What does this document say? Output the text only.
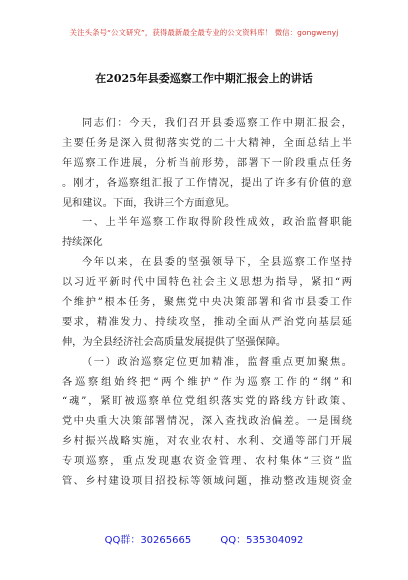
关注头条号“公文研究”，获得最新最全最专业的公文资料库！ 微信：gongwenyj
在2025年县委巡察工作中期汇报会上的讲话
同志们：今天，我们召开县委巡察工作中期汇报会，
主要任务是深入贯彻落实党的二十大精神，全面总结上半
年巡察工作进展，分析当前形势，部署下一阶段重点任务
。刚才，各巡察组汇报了工作情况，提出了许多有价值的意
见和建议。下面，我讲三个方面意见。
一、上半年巡察工作取得阶段性成效，政治监督职能
持续深化
今年以来，在县委的坚强领导下，全县巡察工作坚持
以习近平新时代中国特色社会主义思想为指导，紧扣“两
个维护”根本任务，聚焦党中央决策部署和省市县委工作
要求，精准发力、持续攻坚，推动全面从严治党向基层延
伸，为全县经济社会高质量发展提供了坚强保障。
（一）政治巡察定位更加精准，监督重点更加聚焦。
各巡察组始终把“两个维护”作为巡察工作的“纲”和
“魂”，紧盯被巡察单位党组织落实党的路线方针政策、
党中央重大决策部署情况，深入查找政治偏差。一是围绕
乡村振兴战略实施，对农业农村、水利、交通等部门开展
专项巡察，重点发现惠农资金管理、农村集体“三资”监
管、乡村建设项目招投标等领域问题，推动整改违规资金
QQ群：30265665	QQ：535304092
